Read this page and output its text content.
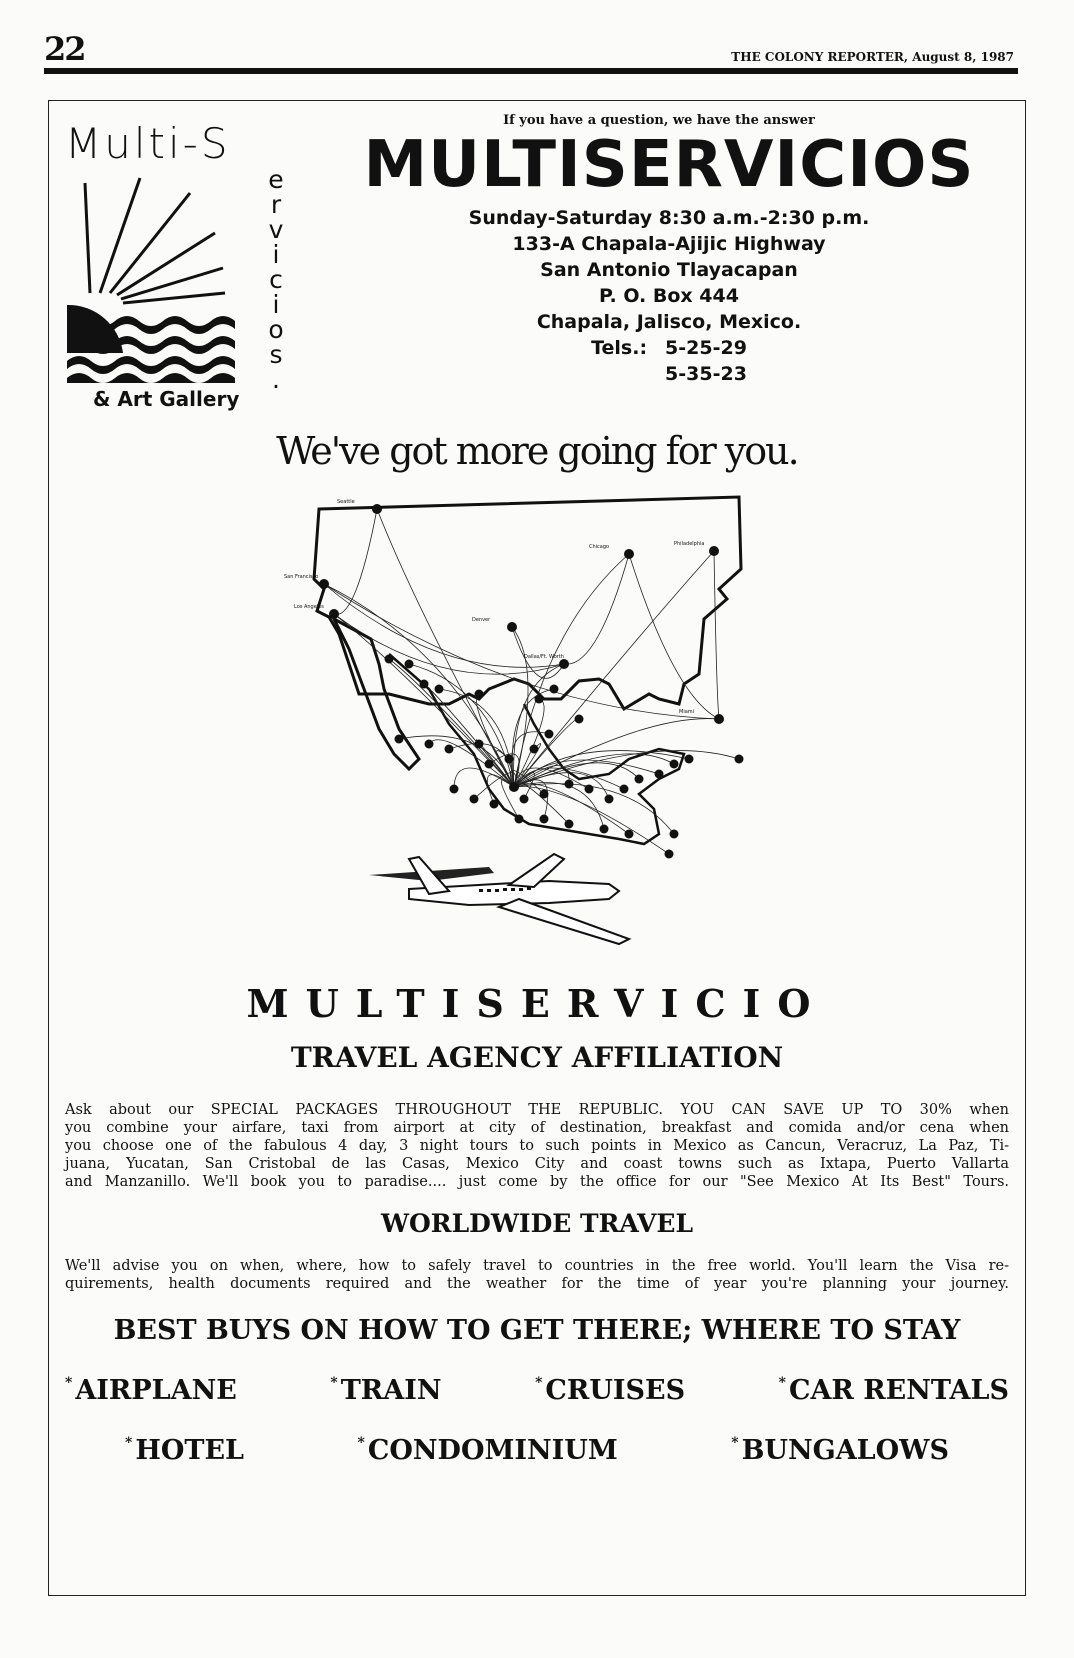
22	THE COLONY REPORTER, August 8, 1987
Multi-S
e
r
v
i
c
i
o
s
.
& Art Gallery
If you have a question, we have the answer
MULTISERVICIOS
Sunday-Saturday 8:30 a.m.-2:30 p.m.
133-A Chapala-Ajijic Highway
San Antonio Tlayacapan
P. O. Box 444
Chapala, Jalisco, Mexico.
Tels.: 5-25-29
5-35-23
We've got more going for you.
Seattle
San Francisco
Los Angeles
Denver
Chicago	Philadelphia
Dallas/Ft. Worth
Miami
MULTISERVICIO
TRAVEL AGENCY AFFILIATION
Ask about our SPECIAL PACKAGES THROUGHOUT THE REPUBLIC. YOU CAN SAVE UP TO 30% when
you combine your airfare, taxi from airport at city of destination, breakfast and comida and/or cena when
you choose one of the fabulous 4 day, 3 night tours to such points in Mexico as Cancun, Veracruz, La Paz, Ti-
juana, Yucatan, San Cristobal de las Casas, Mexico City and coast towns such as Ixtapa, Puerto Vallarta
and Manzanillo. We'll book you to paradise.... just come by the office for our "See Mexico At Its Best" Tours.
WORLDWIDE TRAVEL
We'll advise you on when, where, how to safely travel to countries in the free world. You'll learn the Visa re-
quirements, health documents required and the weather for the time of year you're planning your journey.
BEST BUYS ON HOW TO GET THERE; WHERE TO STAY
* AIRPLANE	* TRAIN	* CRUISES	* CAR RENTALS
* HOTEL	* CONDOMINIUM	* BUNGALOWS
